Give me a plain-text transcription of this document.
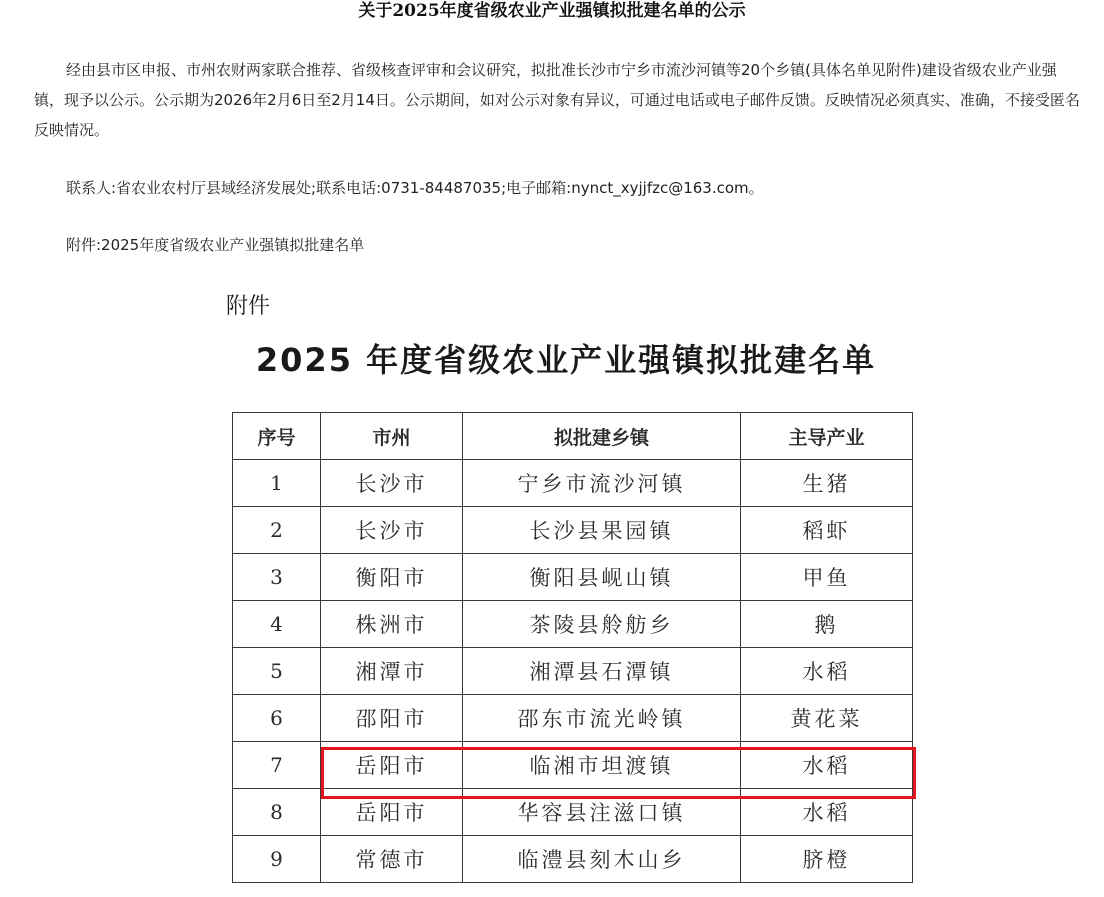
关于2025年度省级农业产业强镇拟批建名单的公示

经由县市区申报、市州农财两家联合推荐、省级核查评审和会议研究，拟批准长沙市宁乡市流沙河镇等20个乡镇(具体名单见附件)建设省级农业产业强镇，现予以公示。公示期为2026年2月6日至2月14日。公示期间，如对公示对象有异议，可通过电话或电子邮件反馈。反映情况必须真实、准确，不接受匿名反映情况。

联系人:省农业农村厅县域经济发展处;联系电话:0731-84487035;电子邮箱:nynct_xyjjfzc@163.com。

附件:2025年度省级农业产业强镇拟批建名单

附件
2025 年度省级农业产业强镇拟批建名单
序号	市州	拟批建乡镇	主导产业
1	长沙市	宁乡市流沙河镇	生猪
2	长沙市	长沙县果园镇	稻虾
3	衡阳市	衡阳县岘山镇	甲鱼
4	株洲市	茶陵县舲舫乡	鹅
5	湘潭市	湘潭县石潭镇	水稻
6	邵阳市	邵东市流光岭镇	黄花菜
7	岳阳市	临湘市坦渡镇	水稻
8	岳阳市	华容县注滋口镇	水稻
9	常德市	临澧县刻木山乡	脐橙
